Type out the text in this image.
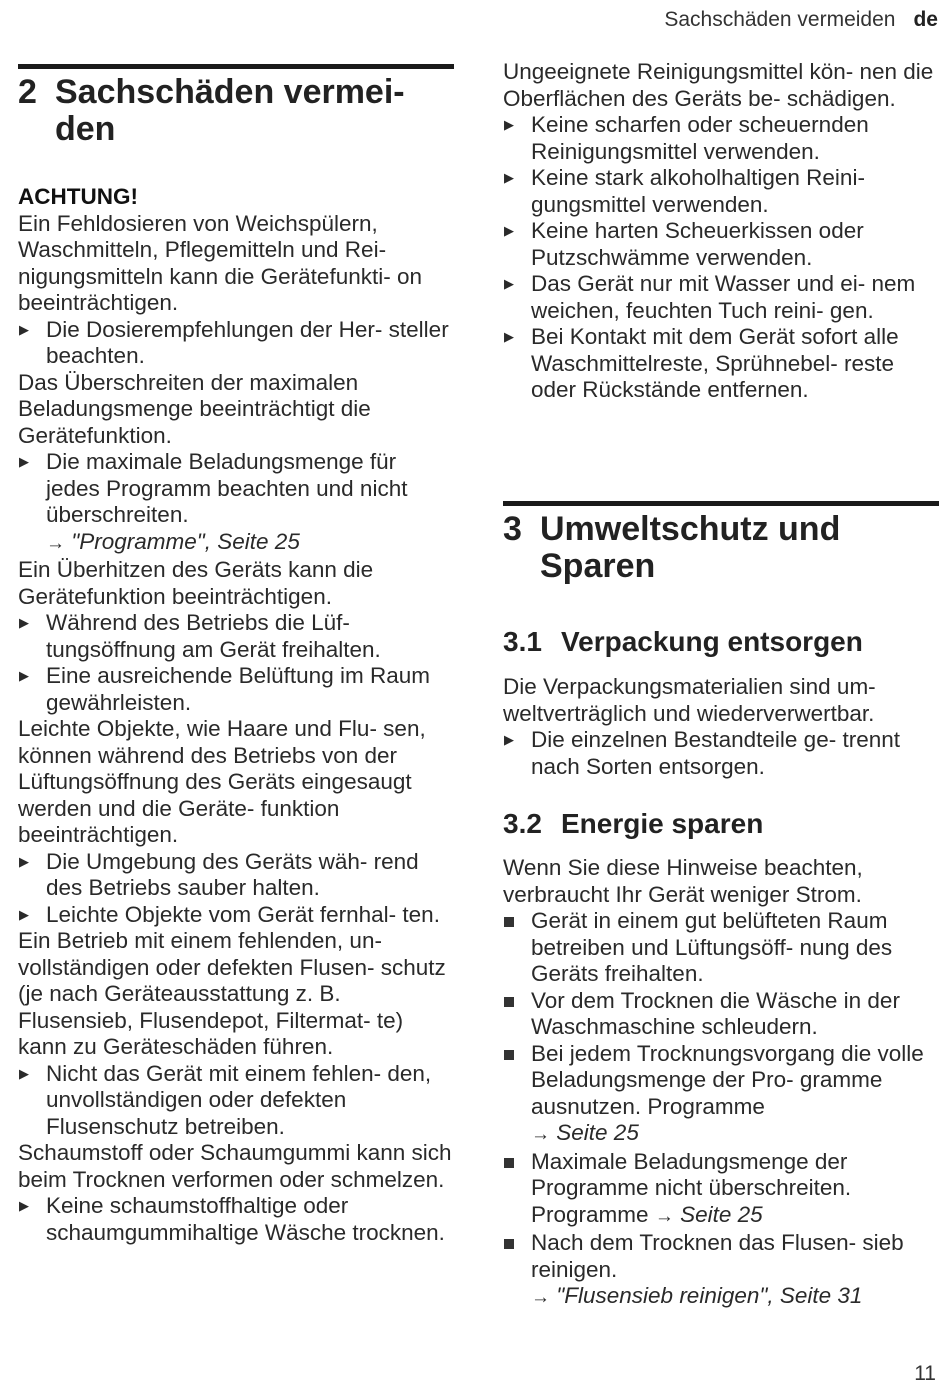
Sachschäden vermeiden de
2 Sachschäden vermei- den

ACHTUNG!

Ein Fehldosieren von Weichspülern, Waschmitteln, Pflegemitteln und Rei- nigungsmitteln kann die Gerätefunkti- on beeinträchtigen.

▶ Die Dosierempfehlungen der Her- steller beachten.

Das Überschreiten der maximalen Beladungsmenge beeinträchtigt die Gerätefunktion.

▶ Die maximale Beladungsmenge für jedes Programm beachten und nicht überschreiten.
→ "Programme", Seite 25

Ein Überhitzen des Geräts kann die Gerätefunktion beeinträchtigen.

▶ Während des Betriebs die Lüf- tungsöffnung am Gerät freihalten.
▶ Eine ausreichende Belüftung im Raum gewährleisten.

Leichte Objekte, wie Haare und Flu- sen, können während des Betriebs von der Lüftungsöffnung des Geräts eingesaugt werden und die Geräte- funktion beeinträchtigen.

▶ Die Umgebung des Geräts wäh- rend des Betriebs sauber halten.
▶ Leichte Objekte vom Gerät fernhal- ten.

Ein Betrieb mit einem fehlenden, un- vollständigen oder defekten Flusen- schutz (je nach Geräteausstattung z. B. Flusensieb, Flusendepot, Filtermat- te) kann zu Geräteschäden führen.

▶ Nicht das Gerät mit einem fehlen- den, unvollständigen oder defekten Flusenschutz betreiben.

Schaumstoff oder Schaumgummi kann sich beim Trocknen verformen oder schmelzen.

▶ Keine schaumstoffhaltige oder schaumgummihaltige Wäsche trocknen.

Ungeeignete Reinigungsmittel kön- nen die Oberflächen des Geräts be- schädigen.

▶ Keine scharfen oder scheuernden Reinigungsmittel verwenden.
▶ Keine stark alkoholhaltigen Reini- gungsmittel verwenden.
▶ Keine harten Scheuerkissen oder Putzschwämme verwenden.
▶ Das Gerät nur mit Wasser und ei- nem weichen, feuchten Tuch reini- gen.
▶ Bei Kontakt mit dem Gerät sofort alle Waschmittelreste, Sprühnebel- reste oder Rückstände entfernen.
3 Umweltschutz und Sparen
3.1 Verpackung entsorgen

Die Verpackungsmaterialien sind um- weltverträglich und wiederverwertbar.

▶ Die einzelnen Bestandteile ge- trennt nach Sorten entsorgen.
3.2 Energie sparen

Wenn Sie diese Hinweise beachten, verbraucht Ihr Gerät weniger Strom.

Gerät in einem gut belüfteten Raum betreiben und Lüftungsöff- nung des Geräts freihalten.
Vor dem Trocknen die Wäsche in der Waschmaschine schleudern.
Bei jedem Trocknungsvorgang die volle Beladungsmenge der Pro- gramme ausnutzen. Programme
→ Seite 25
Maximale Beladungsmenge der Programme nicht überschreiten. Programme → Seite 25
Nach dem Trocknen das Flusen- sieb reinigen.
→ "Flusensieb reinigen", Seite 31
11
